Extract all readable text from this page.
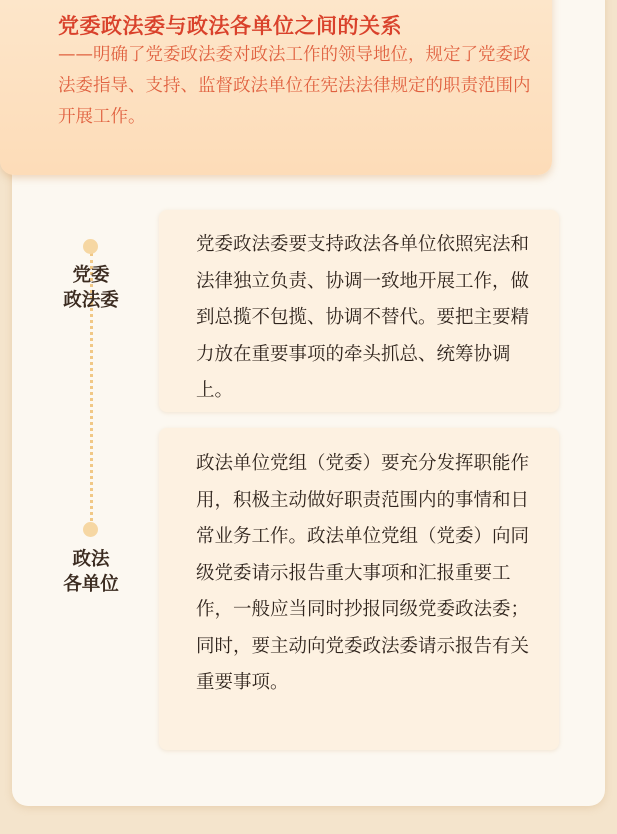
党委政法委与政法各单位之间的关系
——明确了党委政法委对政法工作的领导地位，规定了党委政法委指导、支持、监督政法单位在宪法法律规定的职责范围内开展工作。
党委
政法委
政法
各单位
党委政法委要支持政法各单位依照宪法和法律独立负责、协调一致地开展工作，做到总揽不包揽、协调不替代。要把主要精力放在重要事项的牵头抓总、统筹协调上。
政法单位党组（党委）要充分发挥职能作用，积极主动做好职责范围内的事情和日常业务工作。政法单位党组（党委）向同级党委请示报告重大事项和汇报重要工作，一般应当同时抄报同级党委政法委；同时，要主动向党委政法委请示报告有关重要事项。
